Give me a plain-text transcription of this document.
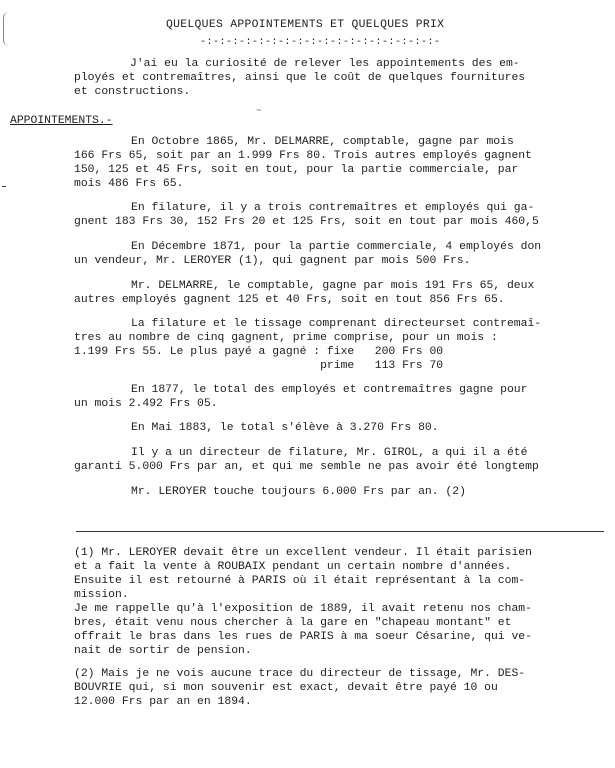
QUELQUES APPOINTEMENTS ET QUELQUES PRIX
-:-:-:-:-:-:-:-:-:-:-:-:-:-:-:-:-:-:-
J'ai eu la curiosité de relever les appointements des em-
ployés et contremaîtres, ainsi que le coût de quelques fournitures
et constructions.
APPOINTEMENTS.-
~
En Octobre 1865, Mr. DELMARRE, comptable, gagne par mois
166 Frs 65, soit par an 1.999 Frs 80. Trois autres employés gagnent
150, 125 et 45 Frs, soit en tout, pour la partie commerciale, par
mois 486 Frs 65.
En filature, il y a trois contremaîtres et employés qui ga-
gnent 183 Frs 30, 152 Frs 20 et 125 Frs, soit en tout par mois 460,5
En Décembre 1871, pour la partie commerciale, 4 employés don
un vendeur, Mr. LEROYER (1), qui gagnent par mois 500 Frs.
Mr. DELMARRE, le comptable, gagne par mois 191 Frs 65, deux
autres employés gagnent 125 et 40 Frs, soit en tout 856 Frs 65.
La filature et le tissage comprenant directeurset contremaî-
tres au nombre de cinq gagnent, prime comprise, pour un mois :
1.199 Frs 55. Le plus payé a gagné : fixe   200 Frs 00
prime   113 Frs 70
En 1877, le total des employés et contremaîtres gagne pour
un mois 2.492 Frs 05.
En Mai 1883, le total s'élève à 3.270 Frs 80.
Il y a un directeur de filature, Mr. GIROL, a qui il a été
garanti 5.000 Frs par an, et qui me semble ne pas avoir été longtemp
Mr. LEROYER touche toujours 6.000 Frs par an. (2)
(1) Mr. LEROYER devait être un excellent vendeur. Il était parisien
et a fait la vente à ROUBAIX pendant un certain nombre d'années.
Ensuite il est retourné à PARIS où il était représentant à la com-
mission.
Je me rappelle qu'à l'exposition de 1889, il avait retenu nos cham-
bres, était venu nous chercher à la gare en "chapeau montant" et
offrait le bras dans les rues de PARIS à ma soeur Césarine, qui ve-
nait de sortir de pension.
(2) Mais je ne vois aucune trace du directeur de tissage, Mr. DES-
BOUVRIE qui, si mon souvenir est exact, devait être payé 10 ou
12.000 Frs par an en 1894.
